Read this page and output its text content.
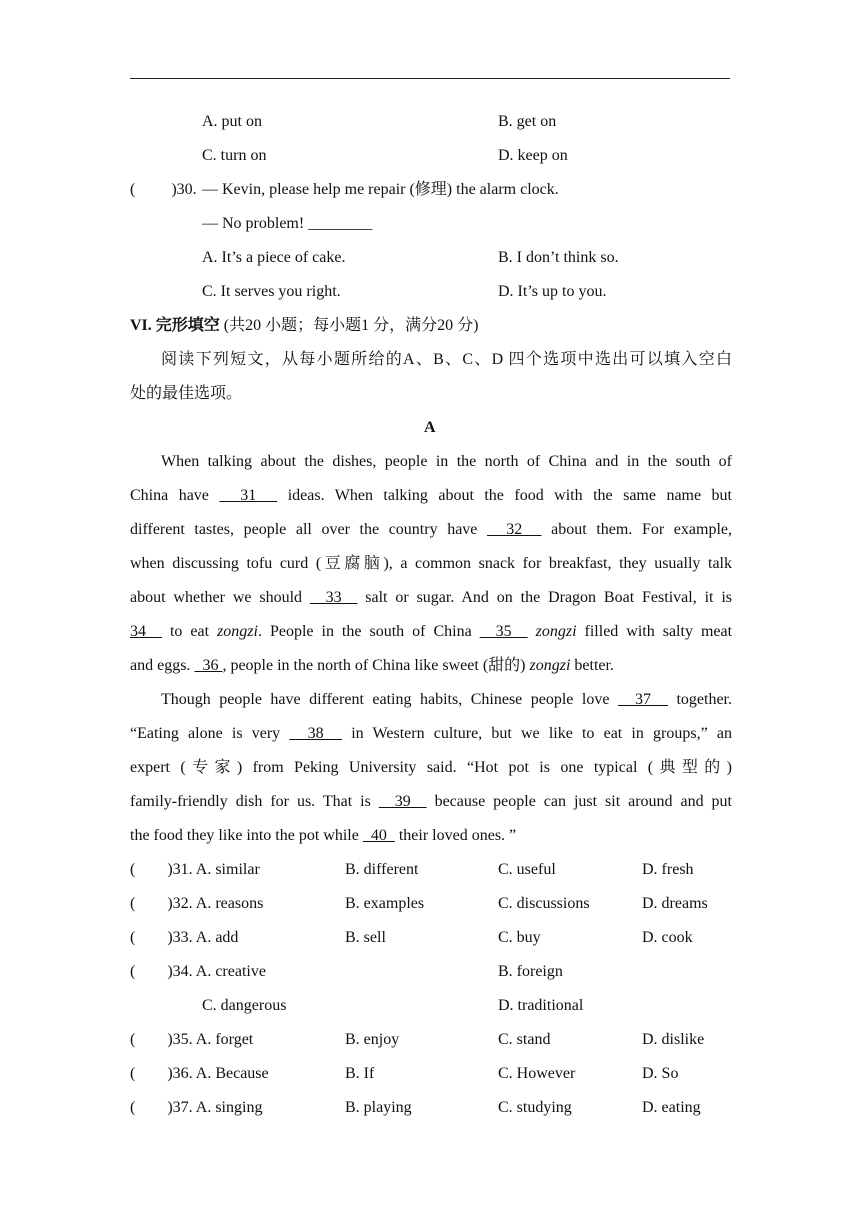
A. put on	B. get on
C. turn on	D. keep on
( )30. — Kevin, please help me repair (修理) the alarm clock.
— No problem! ________
A. It’s a piece of cake.	B. I don’t think so.
C. It serves you right.	D. It’s up to you.
VI. 完形填空 (共20 小题；每小题1 分，满分20 分)
阅读下列短文，从每小题所给的A、B、C、D 四个选项中选出可以填入空白
处的最佳选项。
A
When talking about the dishes, people in the north of China and in the south of
China have   31   ideas. When talking about the food with the same name but
different tastes, people all over the country have   32   about them. For example,
when discussing tofu curd (豆腐脑), a common snack for breakfast, they usually talk
about whether we should   33   salt or sugar. And on the Dragon Boat Festival, it is
34   to eat zongzi. People in the south of China   35   zongzi filled with salty meat
and eggs.   36 , people in the north of China like sweet (甜的) zongzi better.
Though people have different eating habits, Chinese people love   37   together.
“Eating alone is very   38   in Western culture, but we like to eat in groups,” an
expert (专家) from Peking University said. “Hot pot is one typical (典型的)
family-friendly dish for us. That is   39   because people can just sit around and put
the food they like into the pot while   40   their loved ones. ”
(        )31. A. similar	B. different	C. useful	D. fresh
(        )32. A. reasons	B. examples	C. discussions	D. dreams
(        )33. A. add	B. sell	C. buy	D. cook
(        )34. A. creative	B. foreign
C. dangerous	D. traditional
(        )35. A. forget	B. enjoy	C. stand	D. dislike
(        )36. A. Because	B. If	C. However	D. So
(        )37. A. singing	B. playing	C. studying	D. eating
